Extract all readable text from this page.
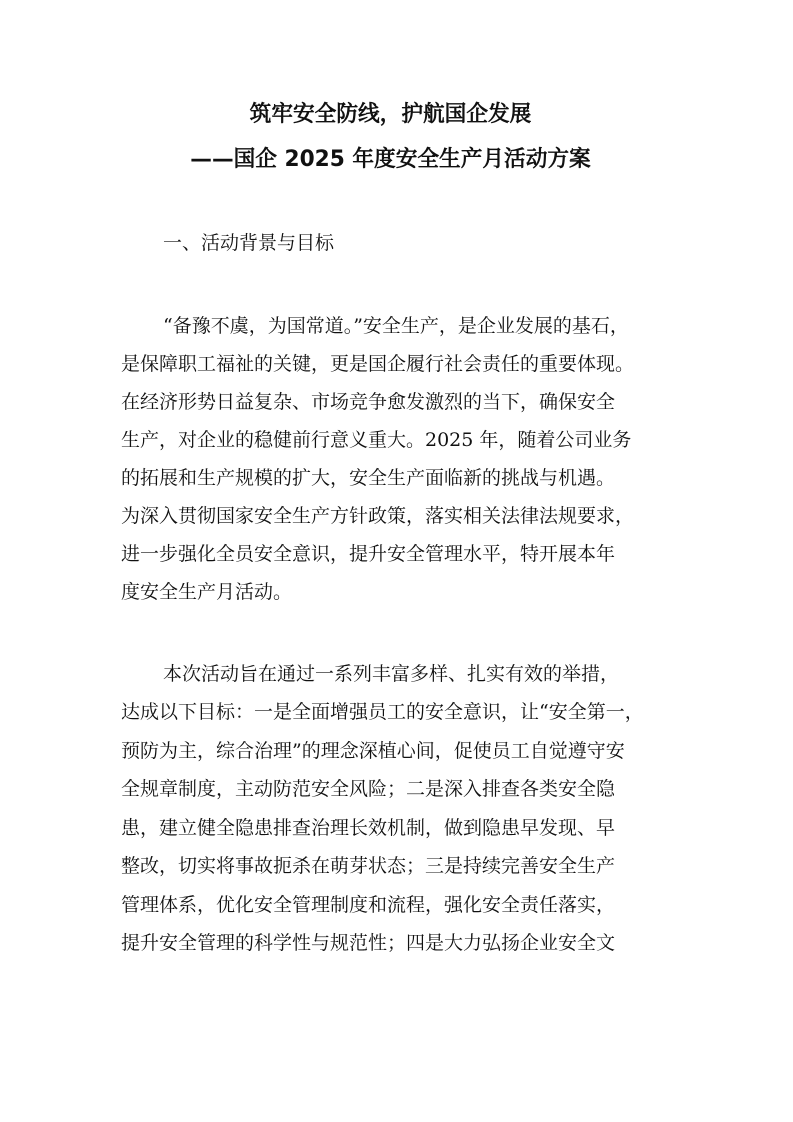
筑牢安全防线，护航国企发展
——国企 2025 年度安全生产月活动方案
一、活动背景与目标
“备豫不虞，为国常道。”安全生产，是企业发展的基石，
是保障职工福祉的关键，更是国企履行社会责任的重要体现。
在经济形势日益复杂、市场竞争愈发激烈的当下，确保安全
生产，对企业的稳健前行意义重大。2025 年，随着公司业务
的拓展和生产规模的扩大，安全生产面临新的挑战与机遇。
为深入贯彻国家安全生产方针政策，落实相关法律法规要求，
进一步强化全员安全意识，提升安全管理水平，特开展本年
度安全生产月活动。
本次活动旨在通过一系列丰富多样、扎实有效的举措，
达成以下目标：一是全面增强员工的安全意识，让“安全第一，
预防为主，综合治理”的理念深植心间，促使员工自觉遵守安
全规章制度，主动防范安全风险；二是深入排查各类安全隐
患，建立健全隐患排查治理长效机制，做到隐患早发现、早
整改，切实将事故扼杀在萌芽状态；三是持续完善安全生产
管理体系，优化安全管理制度和流程，强化安全责任落实，
提升安全管理的科学性与规范性；四是大力弘扬企业安全文
